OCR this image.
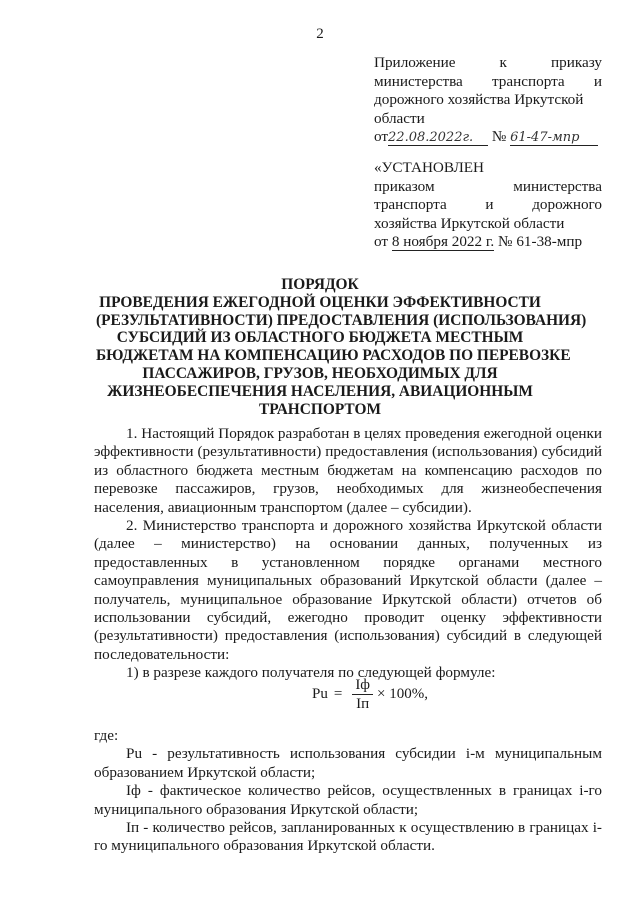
2
Приложение	к	приказу
министерства транспорта и
дорожного хозяйства Иркутской
области
от22.08.2022г. № 61-47-мпр
«УСТАНОВЛЕН
приказом	министерства
транспорта	и	дорожного
хозяйства Иркутской области
от 8 ноября 2022 г. № 61-38-мпр
ПОРЯДОК
ПРОВЕДЕНИЯ ЕЖЕГОДНОЙ ОЦЕНКИ ЭФФЕКТИВНОСТИ
(РЕЗУЛЬТАТИВНОСТИ) ПРЕДОСТАВЛЕНИЯ (ИСПОЛЬЗОВАНИЯ)
СУБСИДИЙ ИЗ ОБЛАСТНОГО БЮДЖЕТА МЕСТНЫМ
БЮДЖЕТАМ НА КОМПЕНСАЦИЮ РАСХОДОВ ПО ПЕРЕВОЗКЕ
ПАССАЖИРОВ, ГРУЗОВ, НЕОБХОДИМЫХ ДЛЯ
ЖИЗНЕОБЕСПЕЧЕНИЯ НАСЕЛЕНИЯ, АВИАЦИОННЫМ
ТРАНСПОРТОМ

1. Настоящий Порядок разработан в целях проведения ежегодной оценки эффективности (результативности) предоставления (использования) субсидий из областного бюджета местным бюджетам на компенсацию расходов по перевозке пассажиров, грузов, необходимых для жизнеобеспечения населения, авиационным транспортом (далее – субсидии).

2. Министерство транспорта и дорожного хозяйства Иркутской области (далее – министерство) на основании данных, полученных из предоставленных в установленном порядке органами местного самоуправления муниципальных образований Иркутской области (далее – получатель, муниципальное образование Иркутской области) отчетов об использовании субсидий, ежегодно проводит оценку эффективности (результативности) предоставления (использования) субсидий в следующей последовательности:

1) в разрезе каждого получателя по следующей формуле:

$Pu = \frac{Iф}{Iп} \times 100\%$ ,

где:

Pu - результативность использования субсидии i-м муниципальным образованием Иркутской области;

Iф - фактическое количество рейсов, осуществленных в границах i-го муниципального образования Иркутской области;

Iп - количество рейсов, запланированных к осуществлению в границах i-го муниципального образования Иркутской области.
